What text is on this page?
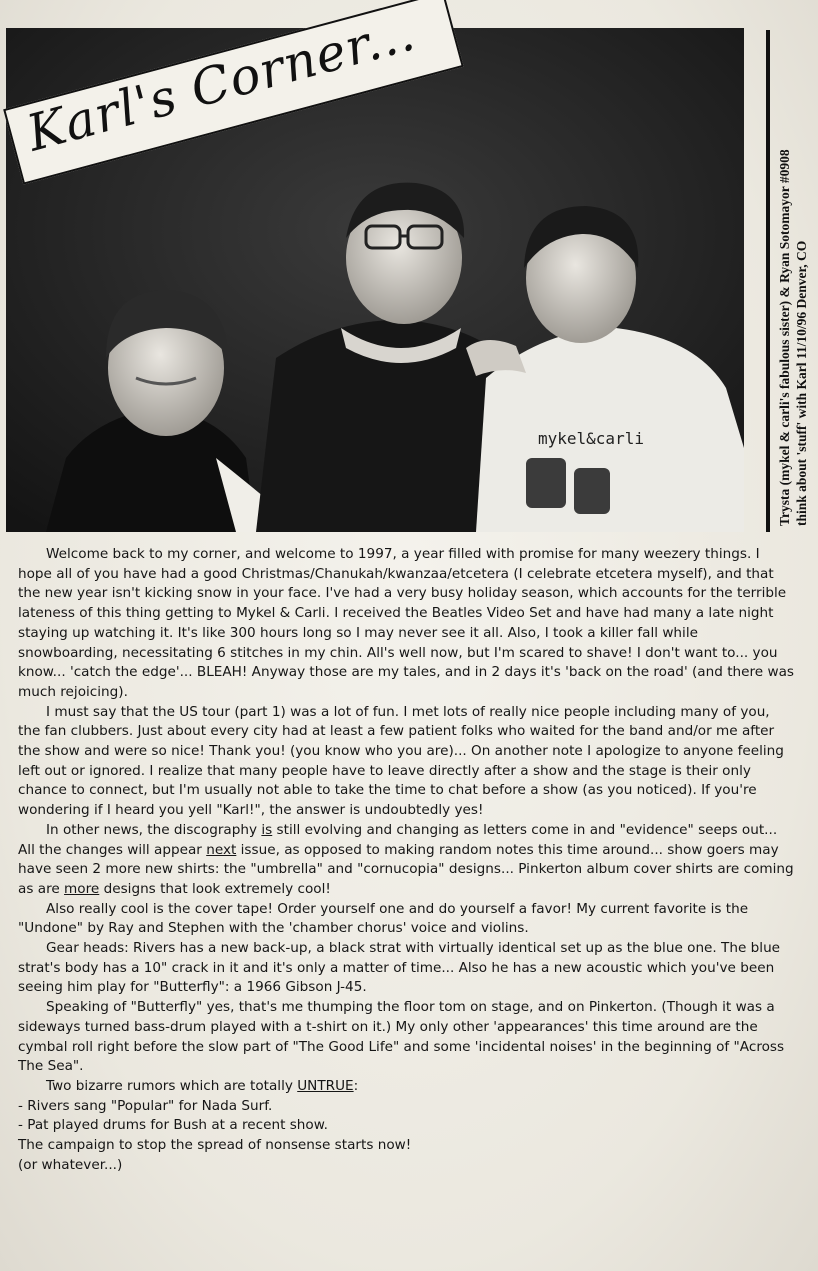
mykel&carli
Karl's Corner...
Trysta (mykel & carli's fabulous sister) & Ryan Sotomayor #0908 think about 'stuff' with Karl 11/10/96 Denver, CO

Welcome back to my corner, and welcome to 1997, a year filled with promise for many weezery things. I hope all of you have had a good Christmas/Chanukah/kwanzaa/etcetera (I celebrate etcetera myself), and that the new year isn't kicking snow in your face. I've had a very busy holiday season, which accounts for the terrible lateness of this thing getting to Mykel & Carli. I received the Beatles Video Set and have had many a late night staying up watching it. It's like 300 hours long so I may never see it all. Also, I took a killer fall while snowboarding, necessitating 6 stitches in my chin. All's well now, but I'm scared to shave! I don't want to... you know... 'catch the edge'... BLEAH! Anyway those are my tales, and in 2 days it's 'back on the road' (and there was much rejoicing).

I must say that the US tour (part 1) was a lot of fun. I met lots of really nice people including many of you, the fan clubbers. Just about every city had at least a few patient folks who waited for the band and/or me after the show and were so nice! Thank you! (you know who you are)... On another note I apologize to anyone feeling left out or ignored. I realize that many people have to leave directly after a show and the stage is their only chance to connect, but I'm usually not able to take the time to chat before a show (as you noticed). If you're wondering if I heard you yell "Karl!", the answer is undoubtedly yes!

In other news, the discography is still evolving and changing as letters come in and "evidence" seeps out... All the changes will appear next issue, as opposed to making random notes this time around... show goers may have seen 2 more new shirts: the "umbrella" and "cornucopia" designs... Pinkerton album cover shirts are coming as are more designs that look extremely cool!

Also really cool is the cover tape! Order yourself one and do yourself a favor! My current favorite is the "Undone" by Ray and Stephen with the 'chamber chorus' voice and violins.

Gear heads: Rivers has a new back-up, a black strat with virtually identical set up as the blue one. The blue strat's body has a 10" crack in it and it's only a matter of time... Also he has a new acoustic which you've been seeing him play for "Butterfly": a 1966 Gibson J-45.

Speaking of "Butterfly" yes, that's me thumping the floor tom on stage, and on Pinkerton. (Though it was a sideways turned bass-drum played with a t-shirt on it.) My only other 'appearances' this time around are the cymbal roll right before the slow part of "The Good Life" and some 'incidental noises' in the beginning of "Across The Sea".

Two bizarre rumors which are totally UNTRUE:

- Rivers sang "Popular" for Nada Surf.
- Pat played drums for Bush at a recent show.
The campaign to stop the spread of nonsense starts now!
(or whatever...)
